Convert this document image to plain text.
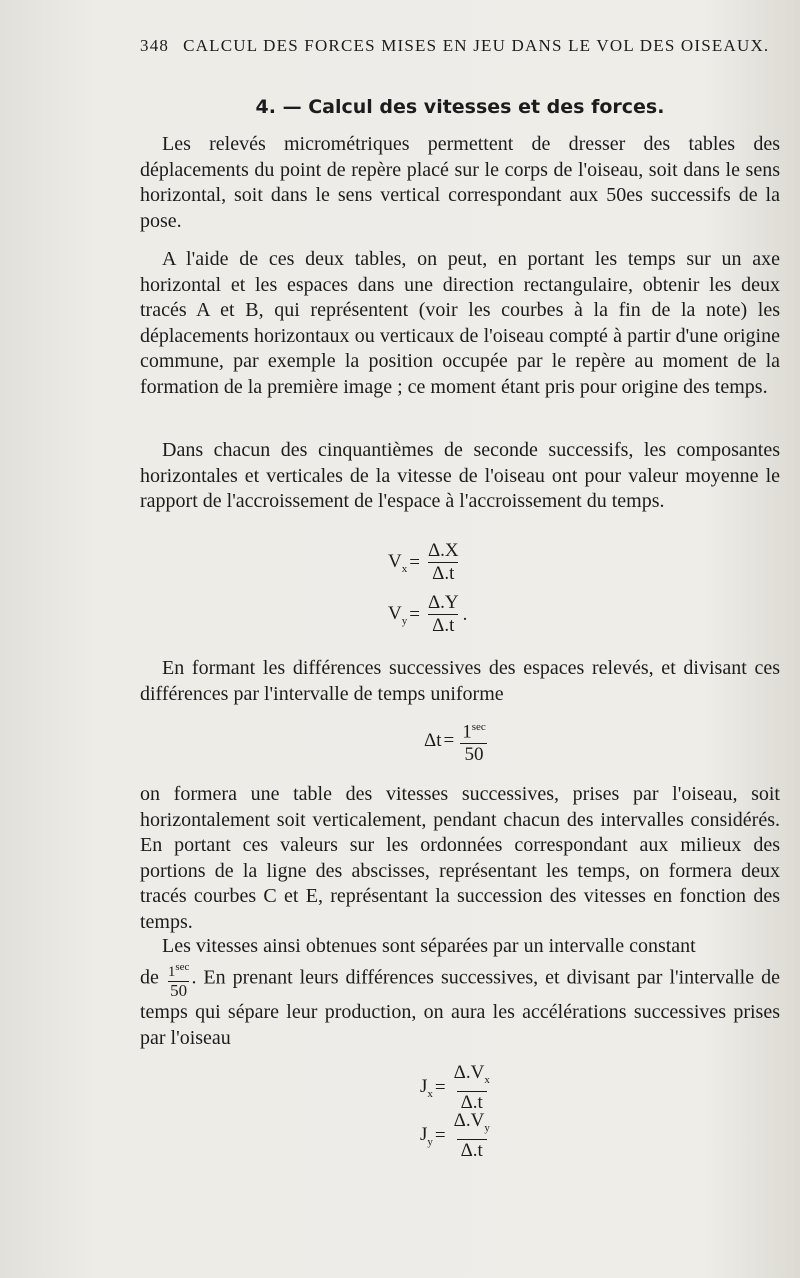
348 CALCUL DES FORCES MISES EN JEU DANS LE VOL DES OISEAUX.
4. — Calcul des vitesses et des forces.

Les relevés micrométriques permettent de dresser des tables des déplacements du point de repère placé sur le corps de l'oiseau, soit dans le sens horizontal, soit dans le sens vertical correspondant aux 50es successifs de la pose.

A l'aide de ces deux tables, on peut, en portant les temps sur un axe horizontal et les espaces dans une direction rectangulaire, obtenir les deux tracés A et B, qui représentent (voir les courbes à la fin de la note) les déplacements horizontaux ou verticaux de l'oiseau compté à partir d'une origine commune, par exemple la position occupée par le repère au moment de la formation de la première image ; ce moment étant pris pour origine des temps.

Dans chacun des cinquantièmes de seconde successifs, les composantes horizontales et verticales de la vitesse de l'oiseau ont pour valeur moyenne le rapport de l'accroissement de l'espace à l'accroissement du temps.

$V_x = \frac{\Delta.X}{\Delta.t}$
$V_y = \frac{\Delta.Y}{\Delta.t}$ .

En formant les différences successives des espaces relevés, et divisant ces différences par l'intervalle de temps uniforme

$\Delta t = \frac{1^{sec}}{50}$

on formera une table des vitesses successives, prises par l'oiseau, soit horizontalement soit verticalement, pendant chacun des intervalles considérés. En portant ces valeurs sur les ordonnées correspondant aux milieux des portions de la ligne des abscisses, représentant les temps, on formera deux tracés courbes C et E, représentant la succession des vitesses en fonction des temps.

Les vitesses ainsi obtenues sont séparées par un intervalle constant
de $\frac{1^{sec}}{50}$ . En prenant leurs différences successives, et divisant par l'intervalle de temps qui sépare leur production, on aura les accélérations successives prises par l'oiseau
$J_x = \frac{\Delta.V_x}{\Delta.t}$
$J_y = \frac{\Delta.V_y}{\Delta.t}$
